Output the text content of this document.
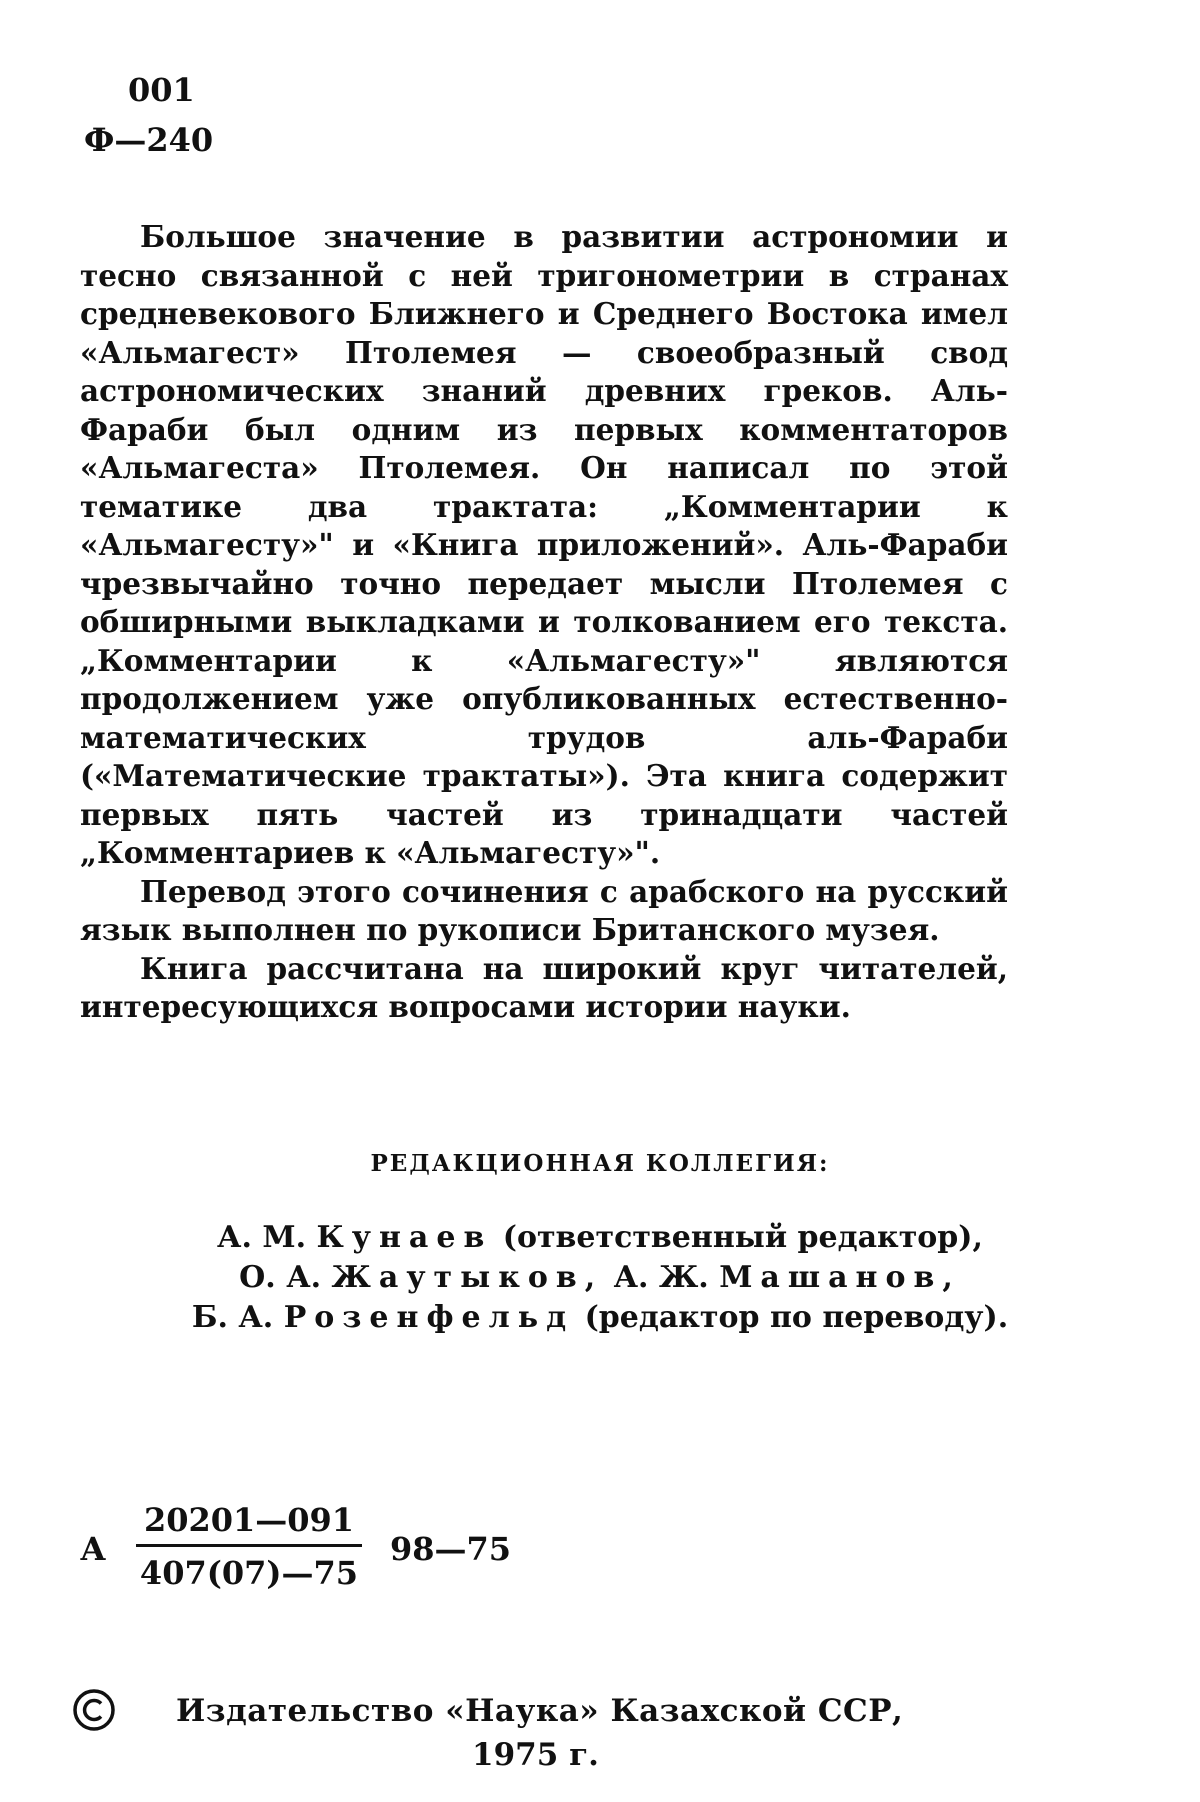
001
Ф—240

Большое значение в развитии астрономии и тесно связанной с ней тригонометрии в странах средневекового Ближнего и Среднего Востока имел «Альмагест» Птолемея — своеобразный свод астрономических знаний древних греков. Аль-Фараби был одним из первых комментаторов «Альмагеста» Птолемея. Он написал по этой тематике два трактата: „Комментарии к «Альмагесту»" и «Книга приложений». Аль-Фараби чрезвычайно точно передает мысли Птолемея с обширными выкладками и толкованием его текста. „Комментарии к «Альмагесту»" являются продолжением уже опубликованных естественно-математических трудов аль-Фараби («Математические трактаты»). Эта книга содержит первых пять частей из тринадцати частей „Комментариев к «Альмагесту»".

Перевод этого сочинения с арабского на русский язык выполнен по рукописи Британского музея.

Книга рассчитана на широкий круг читателей, интересующихся вопросами истории науки.

РЕДАКЦИОННАЯ КОЛЛЕГИЯ:
А. М. Кунаев (ответственный редактор),
О. А. Жаутыков, А. Ж. Машанов,
Б. А. Розенфельд (редактор по переводу).
А
20201—091
407(07)—75
98—75
Издательство «Наука» Казахской ССР,
1975 г.
